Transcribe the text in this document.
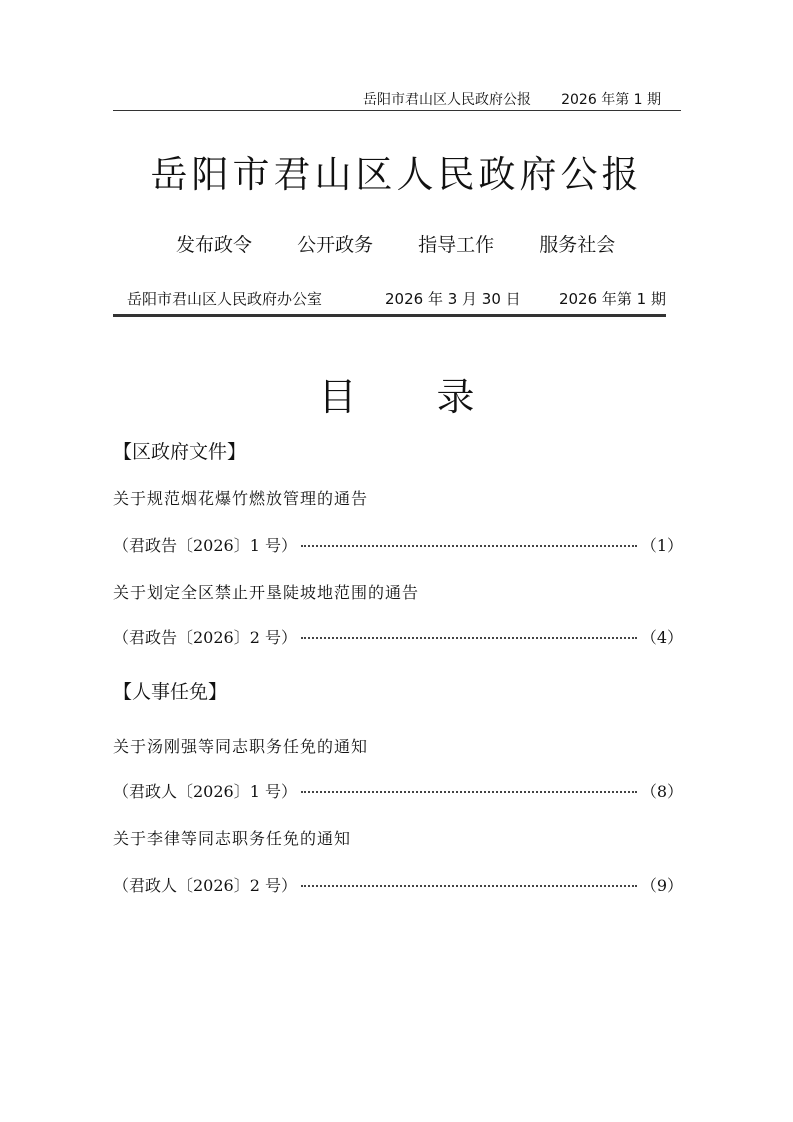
岳阳市君山区人民政府公报 2026 年第 1 期
岳阳市君山区人民政府公报
发布政令 公开政务 指导工作 服务社会
岳阳市君山区人民政府办公室	2026 年 3 月 30 日	2026 年第 1 期
目 录
【区政府文件】
关于规范烟花爆竹燃放管理的通告
（君政告〔2026〕1 号）	（1）
关于划定全区禁止开垦陡坡地范围的通告
（君政告〔2026〕2 号）	（4）
【人事任免】
关于汤刚强等同志职务任免的通知
（君政人〔2026〕1 号）	（8）
关于李律等同志职务任免的通知
（君政人〔2026〕2 号）	（9）
